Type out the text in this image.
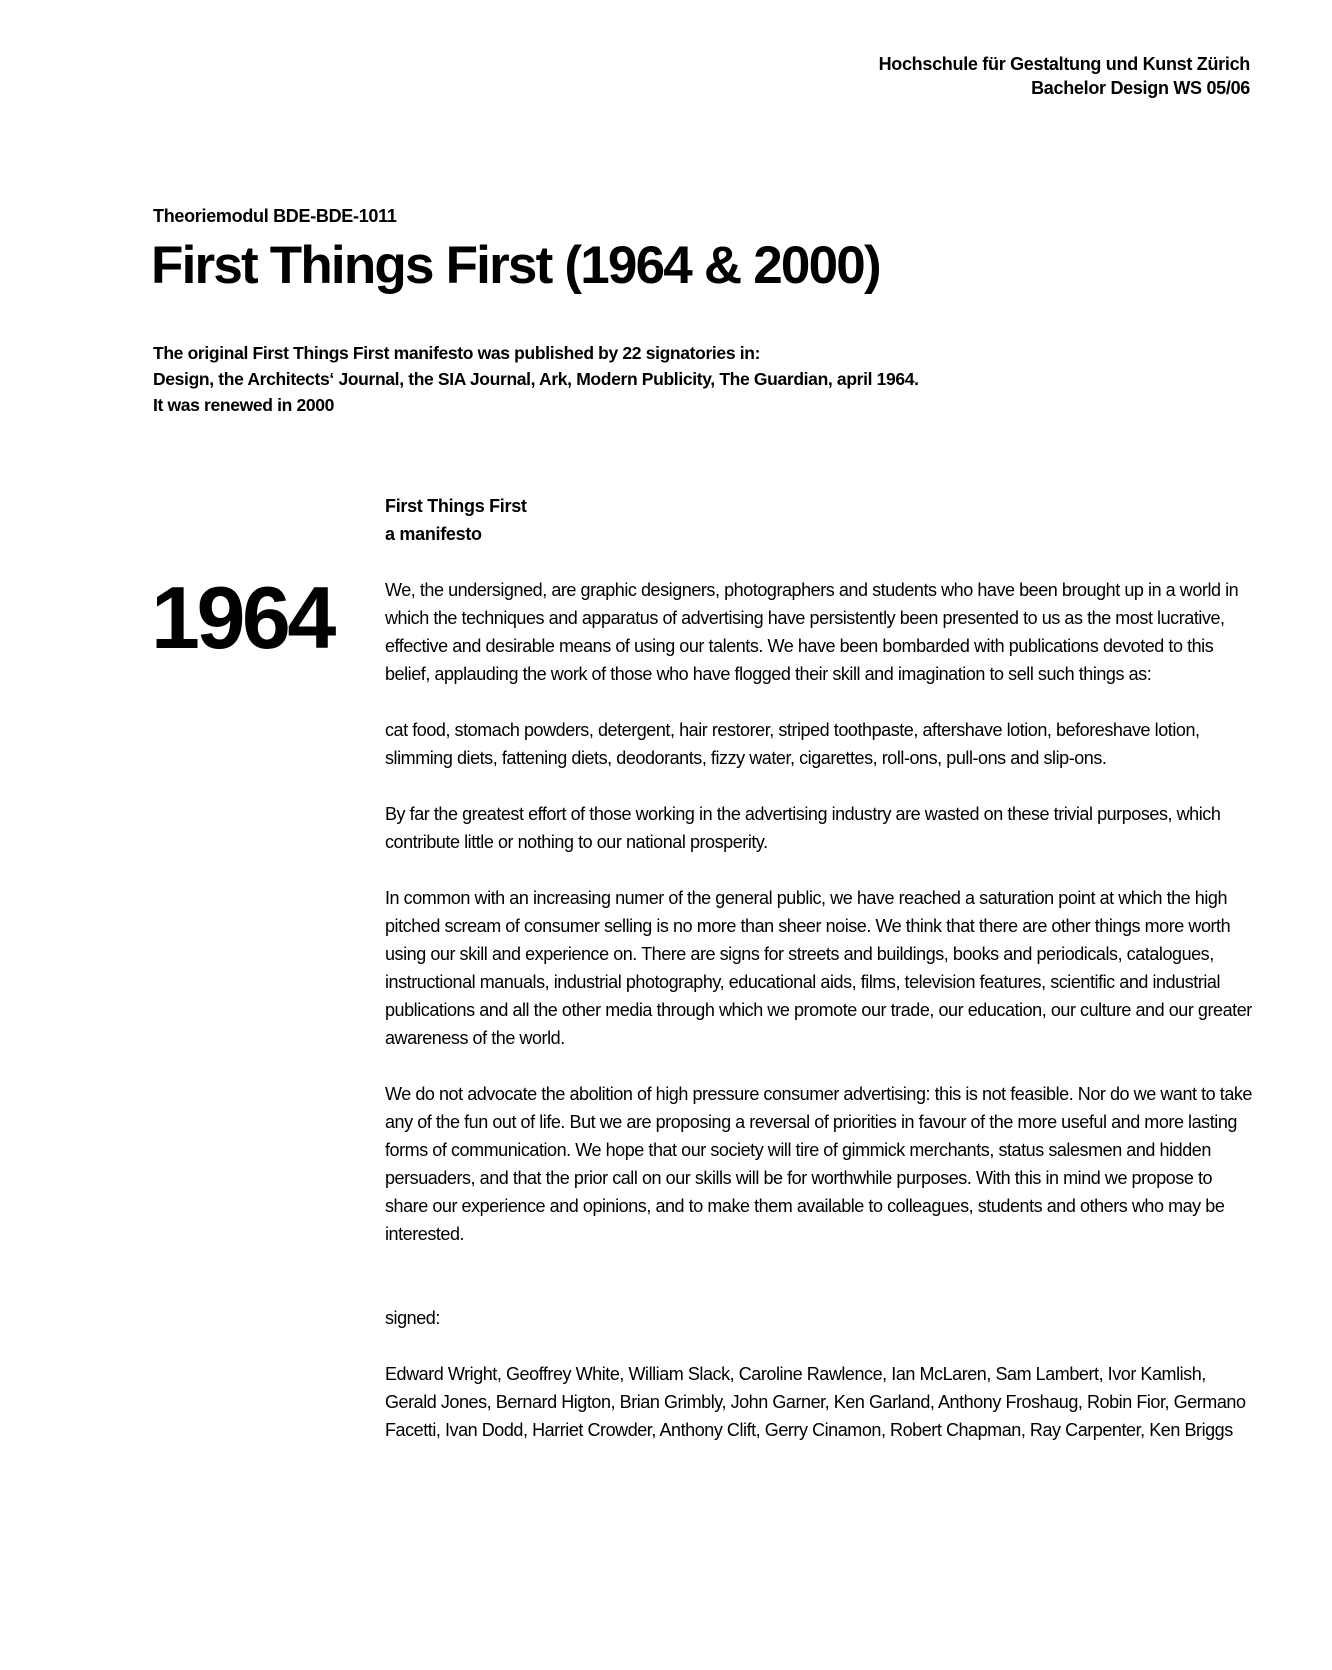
Hochschule für Gestaltung und Kunst Zürich
Bachelor Design WS 05/06
Theoriemodul BDE-BDE-1011
First Things First (1964 & 2000)
The original First Things First manifesto was published by 22 signatories in:
Design, the Architects‘ Journal, the SIA Journal, Ark, Modern Publicity, The Guardian, april 1964.
It was renewed in 2000
1964
First Things First
a manifesto

We, the undersigned, are graphic designers, photographers and students who have been brought up in a world in which the techniques and apparatus of advertising have persistently been presented to us as the most lucrative, effective and desirable means of using our talents. We have been bombarded with publications devoted to this belief, applauding the work of those who have flogged their skill and imagination to sell such things as:

cat food, stomach powders, detergent, hair restorer, striped toothpaste, aftershave lotion, beforeshave lotion, slimming diets, fattening diets, deodorants, fizzy water, cigarettes, roll-ons, pull-ons and slip-ons.

By far the greatest effort of those working in the advertising industry are wasted on these trivial purposes, which contribute little or nothing to our national prosperity.

In common with an increasing numer of the general public, we have reached a saturation point at which the high pitched scream of consumer selling is no more than sheer noise. We think that there are other things more worth using our skill and experience on. There are signs for streets and buildings, books and periodicals, catalogues, instructional manuals, industrial photography, educational aids, films, television features, scientific and industrial publications and all the other media through which we promote our trade, our education, our culture and our greater awareness of the world.

We do not advocate the abolition of high pressure consumer advertising: this is not feasible. Nor do we want to take any of the fun out of life. But we are proposing a reversal of priorities in favour of the more useful and more lasting forms of communication. We hope that our society will tire of gimmick merchants, status salesmen and hidden persuaders, and that the prior call on our skills will be for worthwhile purposes. With this in mind we propose to share our experience and opinions, and to make them available to colleagues, students and others who may be interested.

signed:

Edward Wright, Geoffrey White, William Slack, Caroline Rawlence, Ian McLaren, Sam Lambert, Ivor Kamlish, Gerald Jones, Bernard Higton, Brian Grimbly, John Garner, Ken Garland, Anthony Froshaug, Robin Fior, Germano Facetti, Ivan Dodd, Harriet Crowder, Anthony Clift, Gerry Cinamon, Robert Chapman, Ray Carpenter, Ken Briggs
